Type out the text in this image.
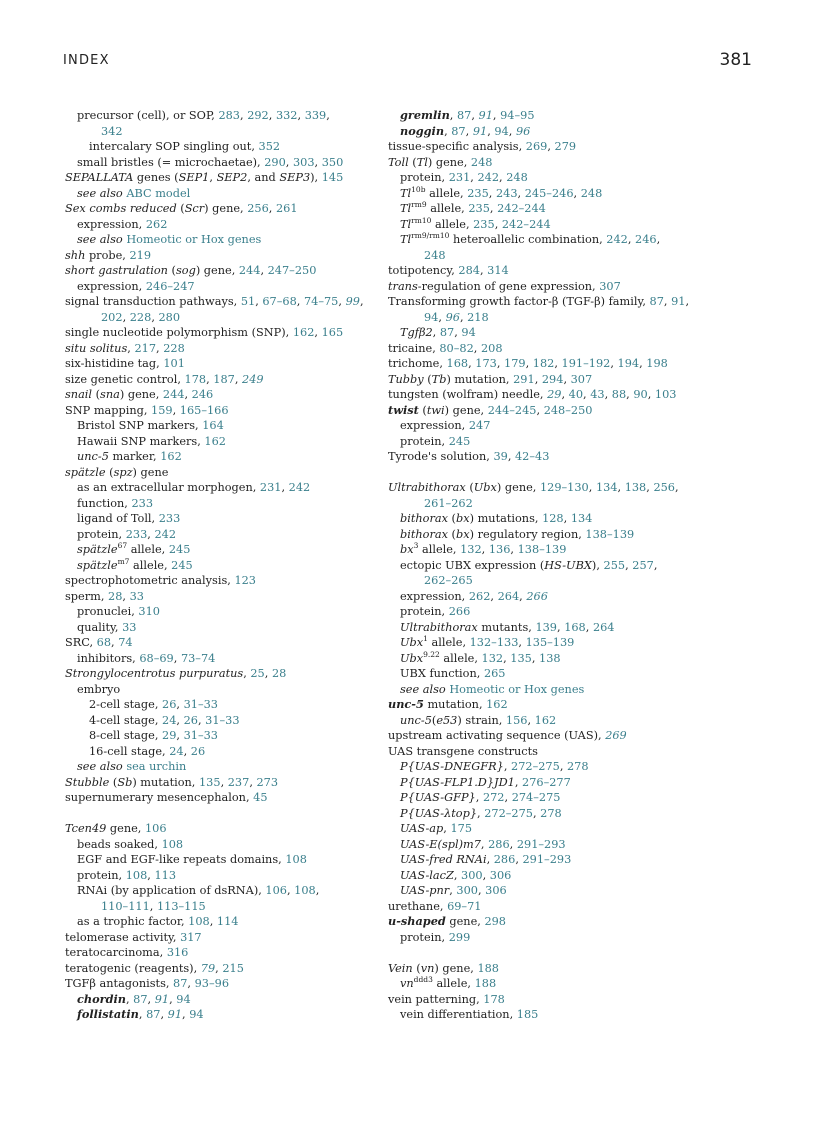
INDEX	381
precursor (cell), or SOP, 283, 292, 332, 339,
342
intercalary SOP singling out, 352
small bristles (= microchaetae), 290, 303, 350
SEPALLATA genes (SEP1, SEP2, and SEP3), 145
see also ABC model
Sex combs reduced (Scr) gene, 256, 261
expression, 262
see also Homeotic or Hox genes
shh probe, 219
short gastrulation (sog) gene, 244, 247–250
expression, 246–247
signal transduction pathways, 51, 67–68, 74–75, 99,
202, 228, 280
single nucleotide polymorphism (SNP), 162, 165
situ solitus, 217, 228
six-histidine tag, 101
size genetic control, 178, 187, 249
snail (sna) gene, 244, 246
SNP mapping, 159, 165–166
Bristol SNP markers, 164
Hawaii SNP markers, 162
unc-5 marker, 162
spätzle (spz) gene
as an extracellular morphogen, 231, 242
function, 233
ligand of Toll, 233
protein, 233, 242
spätzle$^{67}$ allele, 245
spätzle$^{m7}$ allele, 245
spectrophotometric analysis, 123
sperm, 28, 33
pronuclei, 310
quality, 33
SRC, 68, 74
inhibitors, 68–69, 73–74
Strongylocentrotus purpuratus, 25, 28
embryo
2-cell stage, 26, 31–33
4-cell stage, 24, 26, 31–33
8-cell stage, 29, 31–33
16-cell stage, 24, 26
see also sea urchin
Stubble (Sb) mutation, 135, 237, 273
supernumerary mesencephalon, 45
Tcen49 gene, 106
beads soaked, 108
EGF and EGF-like repeats domains, 108
protein, 108, 113
RNAi (by application of dsRNA), 106, 108,
110–111, 113–115
as a trophic factor, 108, 114
telomerase activity, 317
teratocarcinoma, 316
teratogenic (reagents), 79, 215
TGFβ antagonists, 87, 93–96
chordin, 87, 91, 94
follistatin, 87, 91, 94
gremlin, 87, 91, 94–95
noggin, 87, 91, 94, 96
tissue-specific analysis, 269, 279
Toll (Tl) gene, 248
protein, 231, 242, 248
$Tl^{10b}$ allele, 235, 243, 245–246, 248
$Tl^{rm9}$ allele, 235, 242–244
$Tl^{rm10}$ allele, 235, 242–244
$Tl^{rm9/rm10}$ heteroallelic combination, 242, 246,
248
totipotency, 284, 314
trans-regulation of gene expression, 307
Transforming growth factor-β (TGF-β) family, 87, 91,
94, 96, 218
Tgfβ2, 87, 94
tricaine, 80–82, 208
trichome, 168, 173, 179, 182, 191–192, 194, 198
Tubby (Tb) mutation, 291, 294, 307
tungsten (wolfram) needle, 29, 40, 43, 88, 90, 103
twist (twi) gene, 244–245, 248–250
expression, 247
protein, 245
Tyrode's solution, 39, 42–43
Ultrabithorax (Ubx) gene, 129–130, 134, 138, 256,
261–262
bithorax (bx) mutations, 128, 134
bithorax (bx) regulatory region, 138–139
$bx^3$ allele, 132, 136, 138–139
ectopic UBX expression (HS-UBX), 255, 257,
262–265
expression, 262, 264, 266
protein, 266
Ultrabithorax mutants, 139, 168, 264
Ubx$^1$ allele, 132–133, 135–139
Ubx$^{9.22}$ allele, 132, 135, 138
UBX function, 265
see also Homeotic or Hox genes
unc-5 mutation, 162
unc-5(e53) strain, 156, 162
upstream activating sequence (UAS), 269
UAS transgene constructs
P{UAS-DNEGFR}, 272–275, 278
P{UAS-FLP1.D}JD1, 276–277
P{UAS-GFP}, 272, 274–275
P{UAS-λtop}, 272–275, 278
UAS-ap, 175
UAS-E(spl)m7, 286, 291–293
UAS-fred RNAi, 286, 291–293
UAS-lacZ, 300, 306
UAS-pnr, 300, 306
urethane, 69–71
u-shaped gene, 298
protein, 299
Vein (vn) gene, 188
$vn^{ddd3}$ allele, 188
vein patterning, 178
vein differentiation, 185
